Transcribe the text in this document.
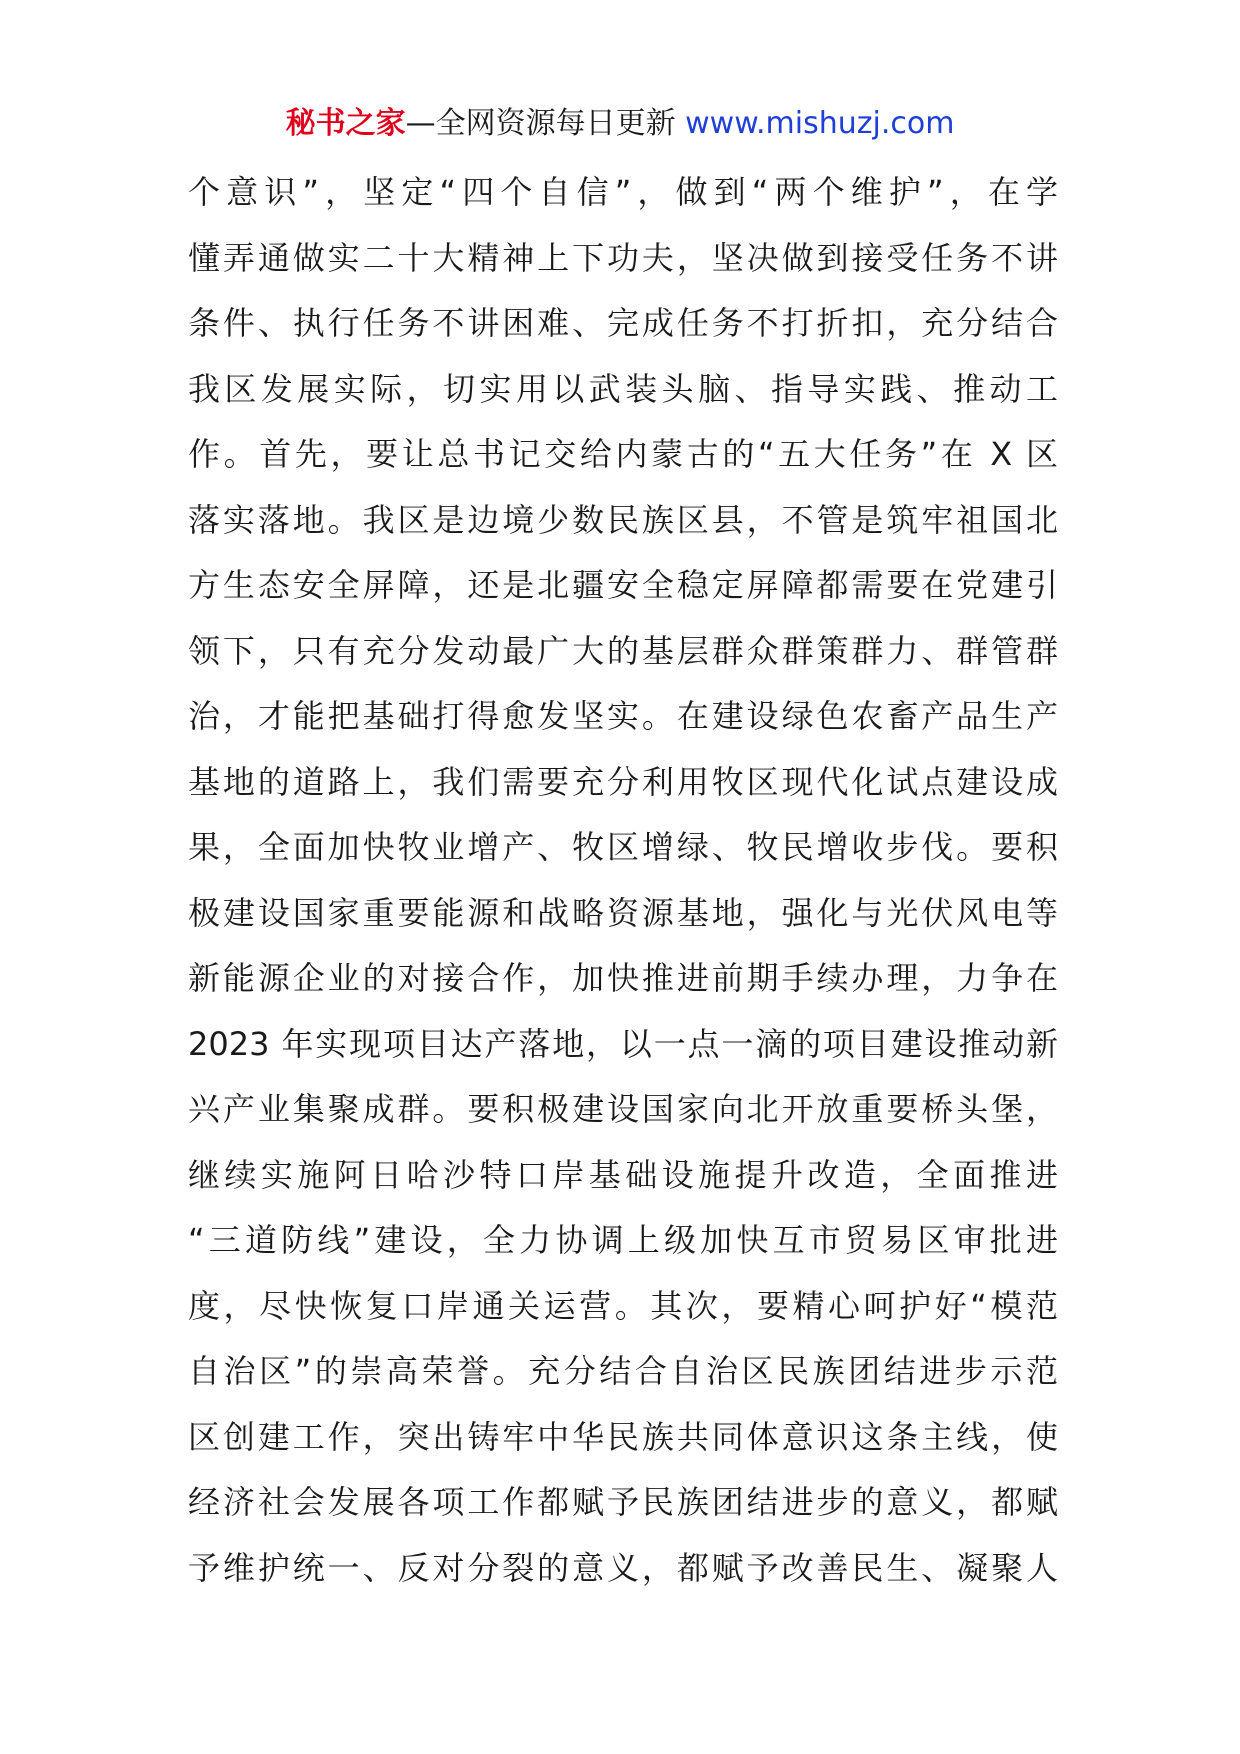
秘书之家—全网资源每日更新 www.mishuzj.com
个意识”，坚定“四个自信”，做到“两个维护”，在学
懂弄通做实二十大精神上下功夫，坚决做到接受任务不讲
条件、执行任务不讲困难、完成任务不打折扣，充分结合
我区发展实际，切实用以武装头脑、指导实践、推动工
作。首先，要让总书记交给内蒙古的“五大任务”在 X 区
落实落地。我区是边境少数民族区县，不管是筑牢祖国北
方生态安全屏障，还是北疆安全稳定屏障都需要在党建引
领下，只有充分发动最广大的基层群众群策群力、群管群
治，才能把基础打得愈发坚实。在建设绿色农畜产品生产
基地的道路上，我们需要充分利用牧区现代化试点建设成
果，全面加快牧业增产、牧区增绿、牧民增收步伐。要积
极建设国家重要能源和战略资源基地，强化与光伏风电等
新能源企业的对接合作，加快推进前期手续办理，力争在
2023 年实现项目达产落地，以一点一滴的项目建设推动新
兴产业集聚成群。要积极建设国家向北开放重要桥头堡，
继续实施阿日哈沙特口岸基础设施提升改造，全面推进
“三道防线”建设，全力协调上级加快互市贸易区审批进
度，尽快恢复口岸通关运营。其次，要精心呵护好“模范
自治区”的崇高荣誉。充分结合自治区民族团结进步示范
区创建工作，突出铸牢中华民族共同体意识这条主线，使
经济社会发展各项工作都赋予民族团结进步的意义，都赋
予维护统一、反对分裂的意义，都赋予改善民生、凝聚人
